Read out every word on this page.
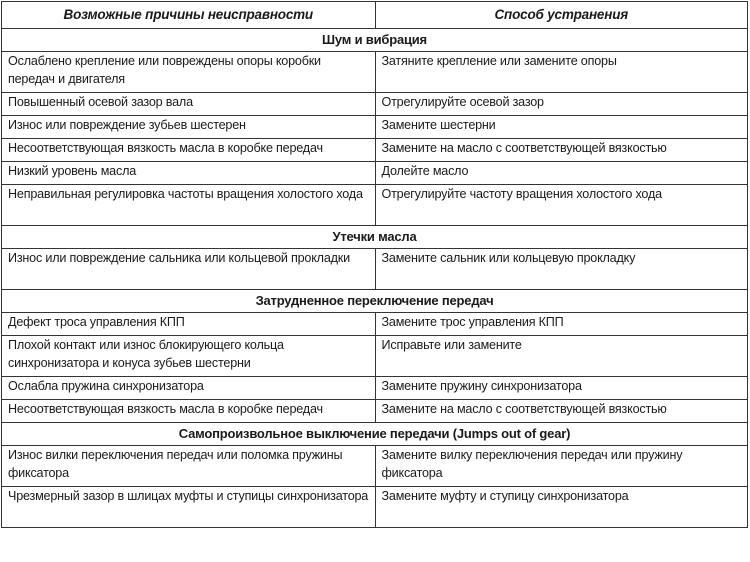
Возможные причины неисправности	Способ устранения
Шум и вибрация	
Ослаблено крепление или повреждены опоры коробки передач и двигателя	Затяните крепление или замените опоры
Повышенный осевой зазор вала	Отрегулируйте осевой зазор
Износ или повреждение зубьев шестерен	Замените шестерни
Несоответствующая вязкость масла в коробке передач	Замените на масло с соответствующей вязкостью
Низкий уровень масла	Долейте масло
Неправильная регулировка частоты вращения холостого хода	Отрегулируйте частоту вращения холостого хода
Утечки масла	
Износ или повреждение сальника или кольцевой прокладки	Замените сальник или кольцевую прокладку
Затрудненное переключение передач	
Дефект троса управления КПП	Замените трос управления КПП
Плохой контакт или износ блокирующего кольца синхронизатора и конуса зубьев шестерни	Исправьте или замените
Ослабла пружина синхронизатора	Замените пружину синхронизатора
Несоответствующая вязкость масла в коробке передач	Замените на масло с соответствующей вязкостью
Самопроизвольное выключение передачи (Jumps out of gear)	
Износ вилки переключения передач или поломка пружины фиксатора	Замените вилку переключения передач или пружину фиксатора
Чрезмерный зазор в шлицах муфты и ступицы синхронизатора	Замените муфту и ступицу синхронизатора
